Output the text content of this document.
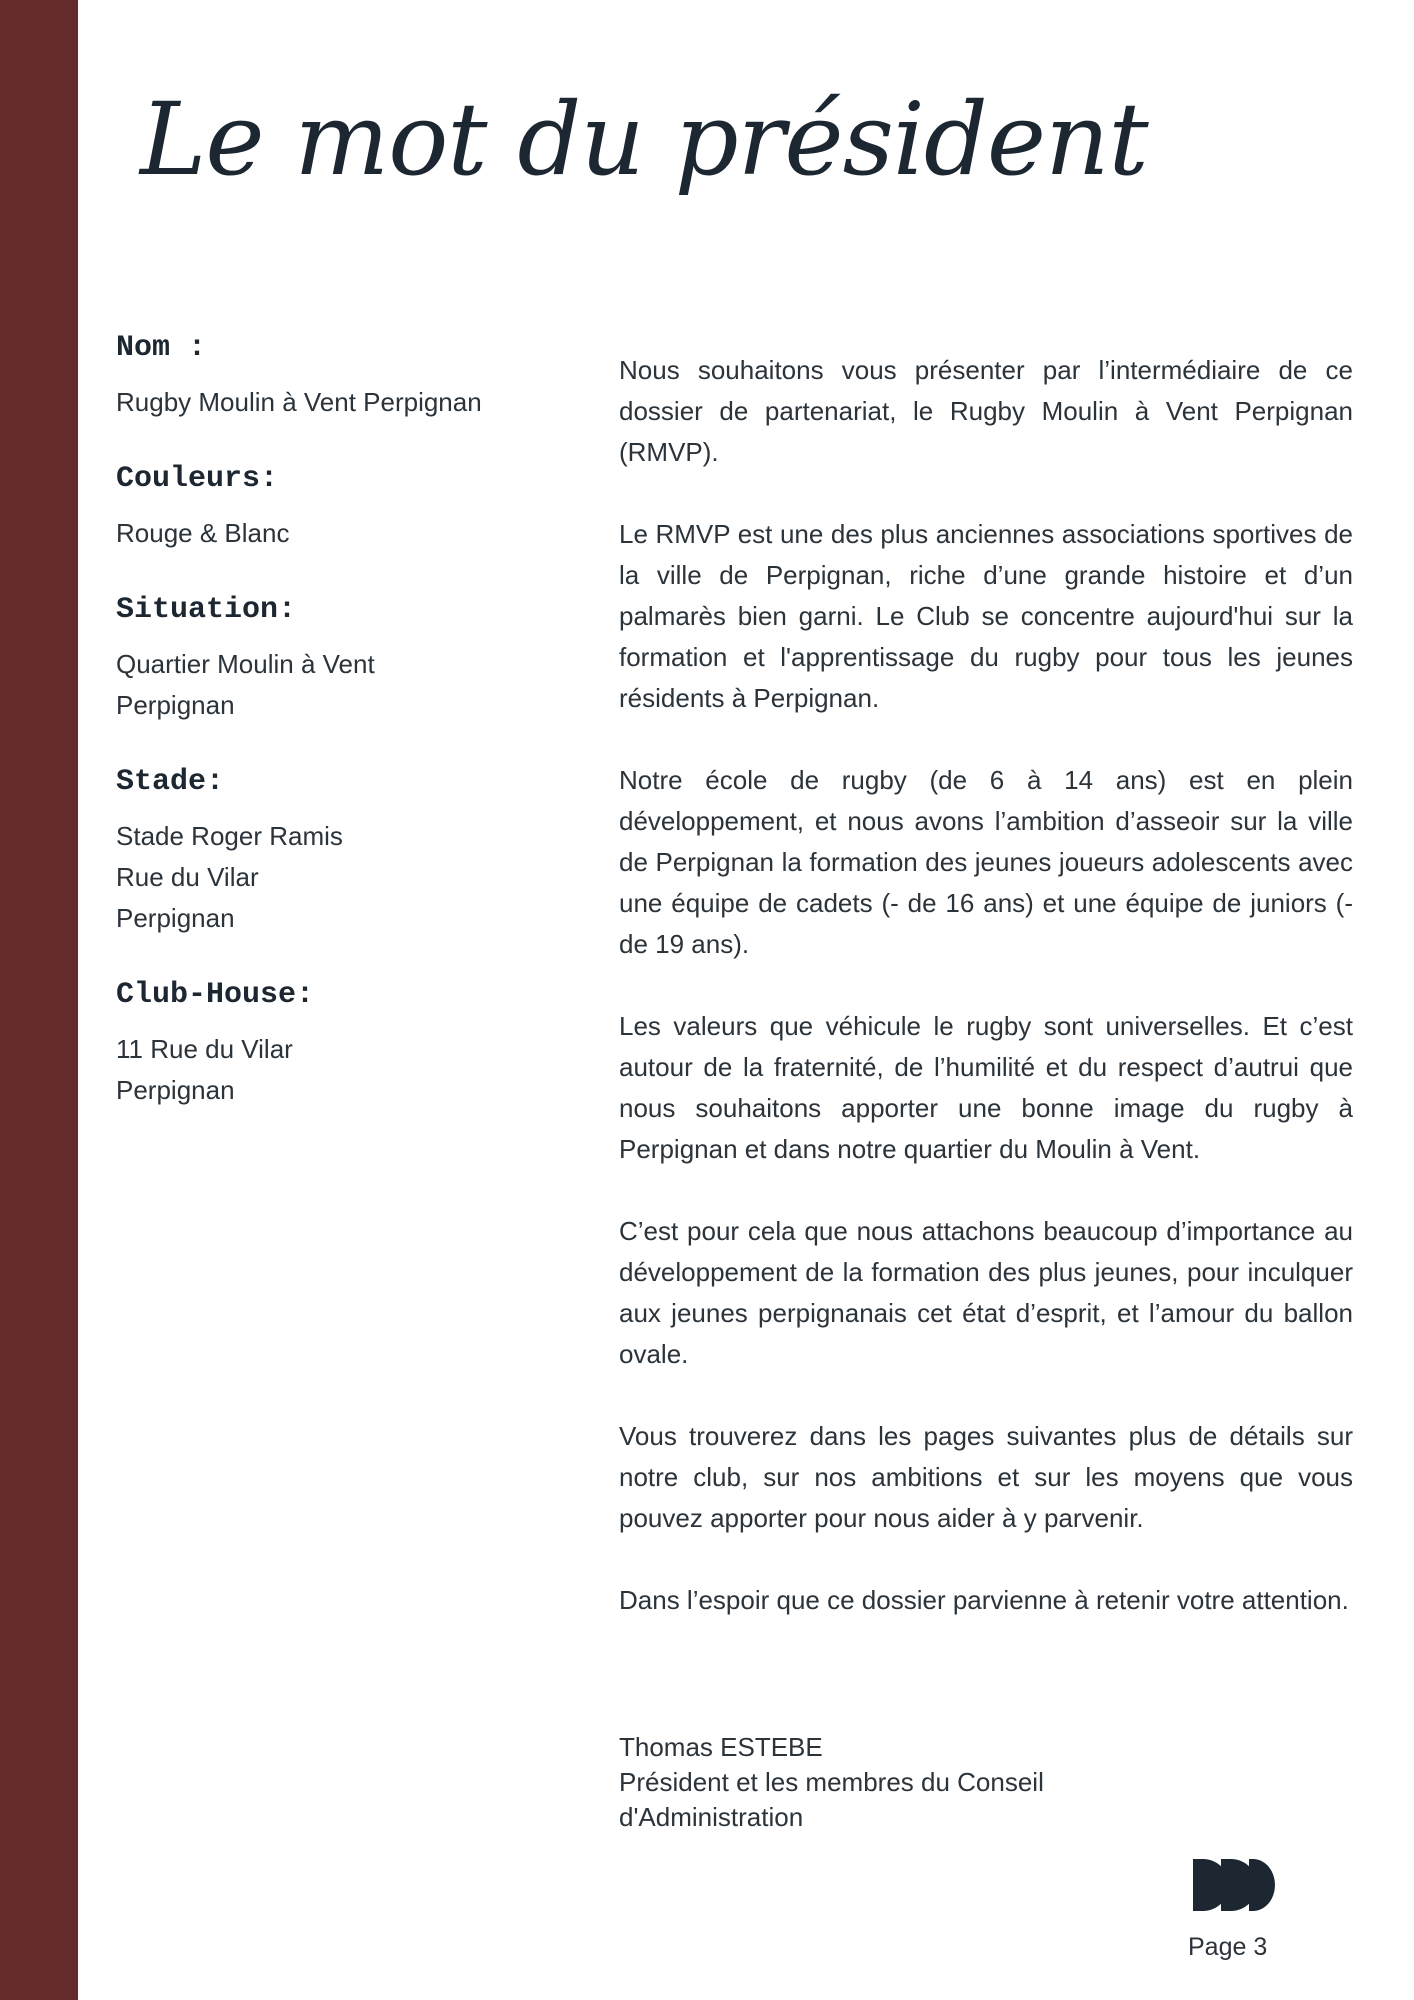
Le mot du président
Nom :
Rugby Moulin à Vent Perpignan
Couleurs:
Rouge & Blanc
Situation:
Quartier Moulin à Vent
Perpignan
Stade:
Stade Roger Ramis
Rue du Vilar
Perpignan
Club-House:
11 Rue du Vilar
Perpignan

Nous souhaitons vous présenter par l’intermédiaire de ce dossier de partenariat, le Rugby Moulin à Vent Perpignan (RMVP).

Le RMVP est une des plus anciennes associations sportives de la ville de Perpignan, riche d’une grande histoire et d’un palmarès bien garni. Le Club se concentre aujourd'hui sur la formation et l'apprentissage du rugby pour tous les jeunes résidents à Perpignan.

Notre école de rugby (de 6 à 14 ans) est en plein développement, et nous avons l’ambition d’asseoir sur la ville de Perpignan la formation des jeunes joueurs adolescents avec une équipe de cadets (- de 16 ans) et une équipe de juniors (- de 19 ans).

Les valeurs que véhicule le rugby sont universelles. Et c’est autour de la fraternité, de l’humilité et du respect d’autrui que nous souhaitons apporter une bonne image du rugby à Perpignan et dans notre quartier du Moulin à Vent.

C’est pour cela que nous attachons beaucoup d’importance au développement de la formation des plus jeunes, pour inculquer aux jeunes perpignanais cet état d’esprit, et l’amour du ballon ovale.

Vous trouverez dans les pages suivantes plus de détails sur notre club, sur nos ambitions et sur les moyens que vous pouvez apporter pour nous aider à y parvenir.

Dans l’espoir que ce dossier parvienne à retenir votre attention.

Thomas ESTEBE
Président et les membres du Conseil
d'Administration
Page 3
